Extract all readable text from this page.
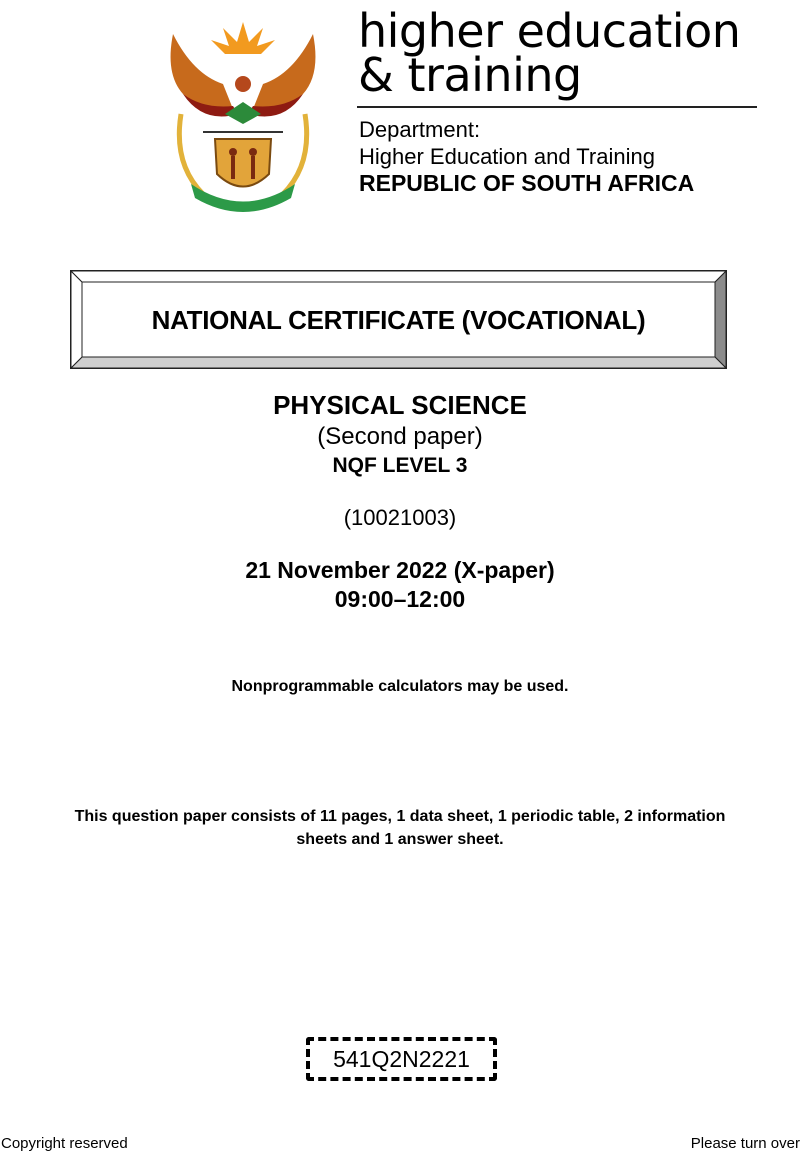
higher education
& training
Department:
Higher Education and Training
REPUBLIC OF SOUTH AFRICA
NATIONAL CERTIFICATE (VOCATIONAL)
PHYSICAL SCIENCE
(Second paper)
NQF LEVEL 3
(10021003)
21 November 2022 (X-paper)
09:00–12:00
Nonprogrammable calculators may be used.
This question paper consists of 11 pages, 1 data sheet, 1 periodic table, 2 information
sheets and 1 answer sheet.
541Q2N2221
Copyright reserved	Please turn over
